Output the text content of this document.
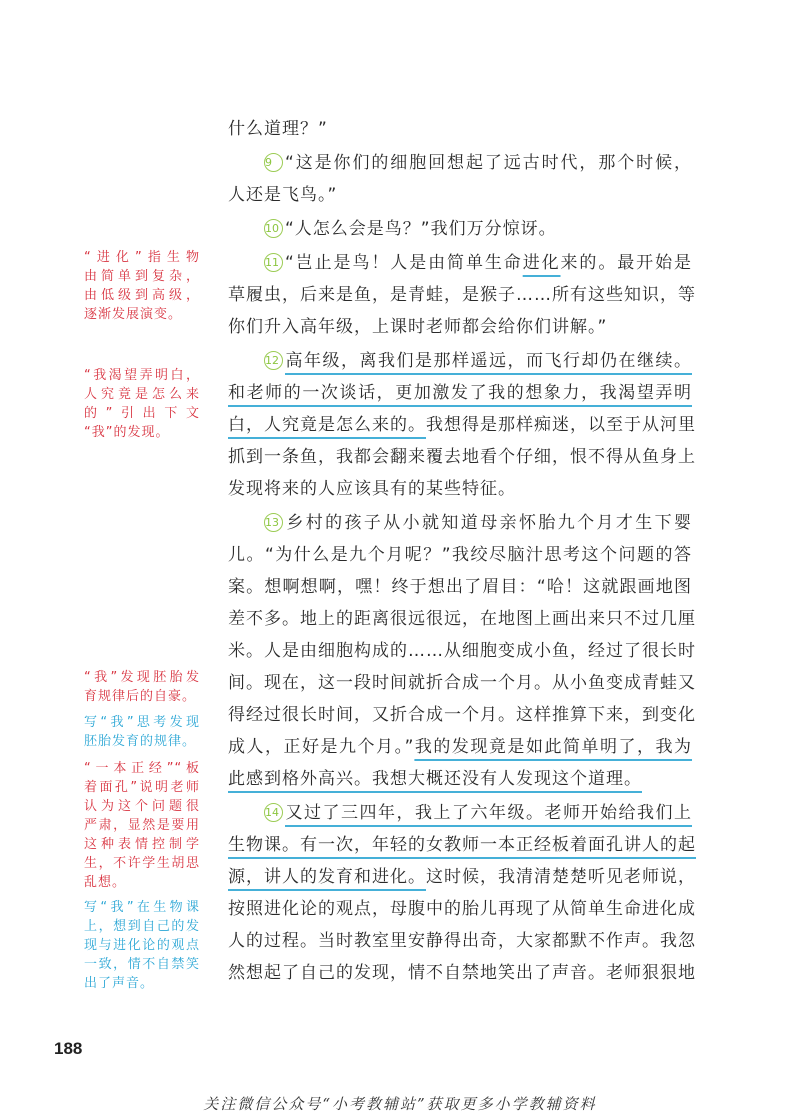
什么道理？”
9 “这是你们的细胞回想起了远古时代，那个时候，
人还是飞鸟。”
10 “人怎么会是鸟？”我们万分惊讶。
11 “岂止是鸟！人是由简单生命进化来的。最开始是
草履虫，后来是鱼，是青蛙，是猴子……所有这些知识，等
你们升入高年级，上课时老师都会给你们讲解。”
12 高年级，离我们是那样遥远，而飞行却仍在继续。
和老师的一次谈话，更加激发了我的想象力，我渴望弄明
白，人究竟是怎么来的。我想得是那样痴迷，以至于从河里
抓到一条鱼，我都会翻来覆去地看个仔细，恨不得从鱼身上
发现将来的人应该具有的某些特征。
13 乡村的孩子从小就知道母亲怀胎九个月才生下婴
儿。“为什么是九个月呢？”我绞尽脑汁思考这个问题的答
案。想啊想啊，嘿！终于想出了眉目：“哈！这就跟画地图
差不多。地上的距离很远很远，在地图上画出来只不过几厘
米。人是由细胞构成的……从细胞变成小鱼，经过了很长时
间。现在，这一段时间就折合成一个月。从小鱼变成青蛙又
得经过很长时间，又折合成一个月。这样推算下来，到变化
成人，正好是九个月。”我的发现竟是如此简单明了，我为
此感到格外高兴。我想大概还没有人发现这个道理。
14 又过了三四年，我上了六年级。老师开始给我们上
生物课。有一次，年轻的女教师一本正经板着面孔讲人的起
源，讲人的发育和进化。这时候，我清清楚楚听见老师说，
按照进化论的观点，母腹中的胎儿再现了从简单生命进化成
人的过程。当时教室里安静得出奇，大家都默不作声。我忽
然想起了自己的发现，情不自禁地笑出了声音。老师狠狠地
“进化”指生物
由简单到复杂，
由低级到高级，
逐渐发展演变。
“我渴望弄明白，
人究竟是怎么来
的”引出下文
“我”的发现。
“我”发现胚胎发
育规律后的自豪。
写“我”思考发现
胚胎发育的规律。
“一本正经”“板
着面孔”说明老师
认为这个问题很
严肃，显然是要用
这种表情控制学
生，不许学生胡思
乱想。
写“我”在生物课
上，想到自己的发
现与进化论的观点
一致，情不自禁笑
出了声音。
188
关注微信公众号“小考教辅站”获取更多小学教辅资料
